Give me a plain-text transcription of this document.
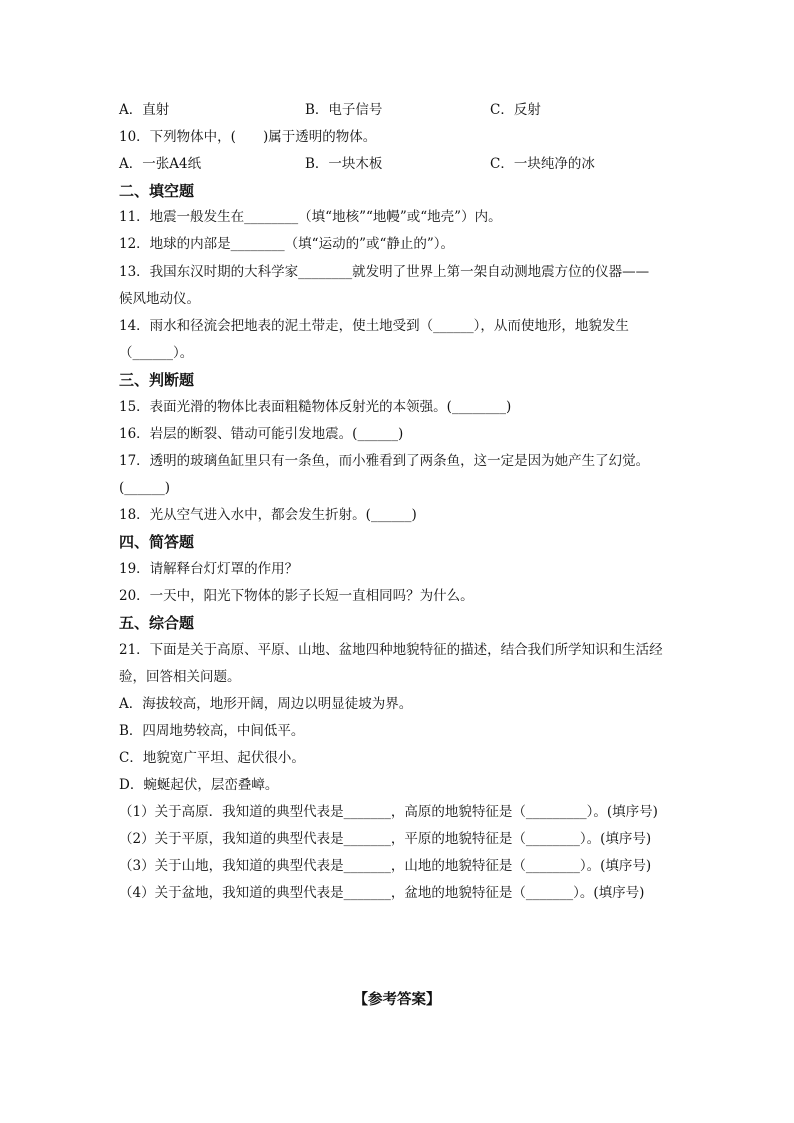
A．直射	B．电子信号	C．反射
10．下列物体中，(　　)属于透明的物体。
A．一张A4纸	B．一块木板	C．一块纯净的冰
二、填空题
11．地震一般发生在________（填“地核”“地幔”或“地壳”）内。
12．地球的内部是________（填“运动的”或“静止的”）。
13．我国东汉时期的大科学家________就发明了世界上第一架自动测地震方位的仪器——
候风地动仪。
14．雨水和径流会把地表的泥土带走，使土地受到（______），从而使地形，地貌发生
（______）。
三、判断题
15．表面光滑的物体比表面粗糙物体反射光的本领强。(________)
16．岩层的断裂、错动可能引发地震。(______)
17．透明的玻璃鱼缸里只有一条鱼，而小雅看到了两条鱼，这一定是因为她产生了幻觉。
(______)
18．光从空气进入水中，都会发生折射。(______)
四、简答题
19．请解释台灯灯罩的作用？
20．一天中，阳光下物体的影子长短一直相同吗？为什么。
五、综合题
21．下面是关于高原、平原、山地、盆地四种地貌特征的描述，结合我们所学知识和生活经
验，回答相关问题。
A．海拔较高，地形开阔，周边以明显徒坡为界。
B．四周地势较高，中间低平。
C．地貌宽广平坦、起伏很小。
D．蜿蜒起伏，层峦叠嶂。
（1）关于高原．我知道的典型代表是_______，高原的地貌特征是（_________）。(填序号)
（2）关于平原，我知道的典型代表是_______，平原的地貌特征是（________）。(填序号)
（3）关于山地，我知道的典型代表是_______，山地的地貌特征是（________）。(填序号)
（4）关于盆地，我知道的典型代表是_______，盆地的地貌特征是（_______）。(填序号)
【参考答案】
